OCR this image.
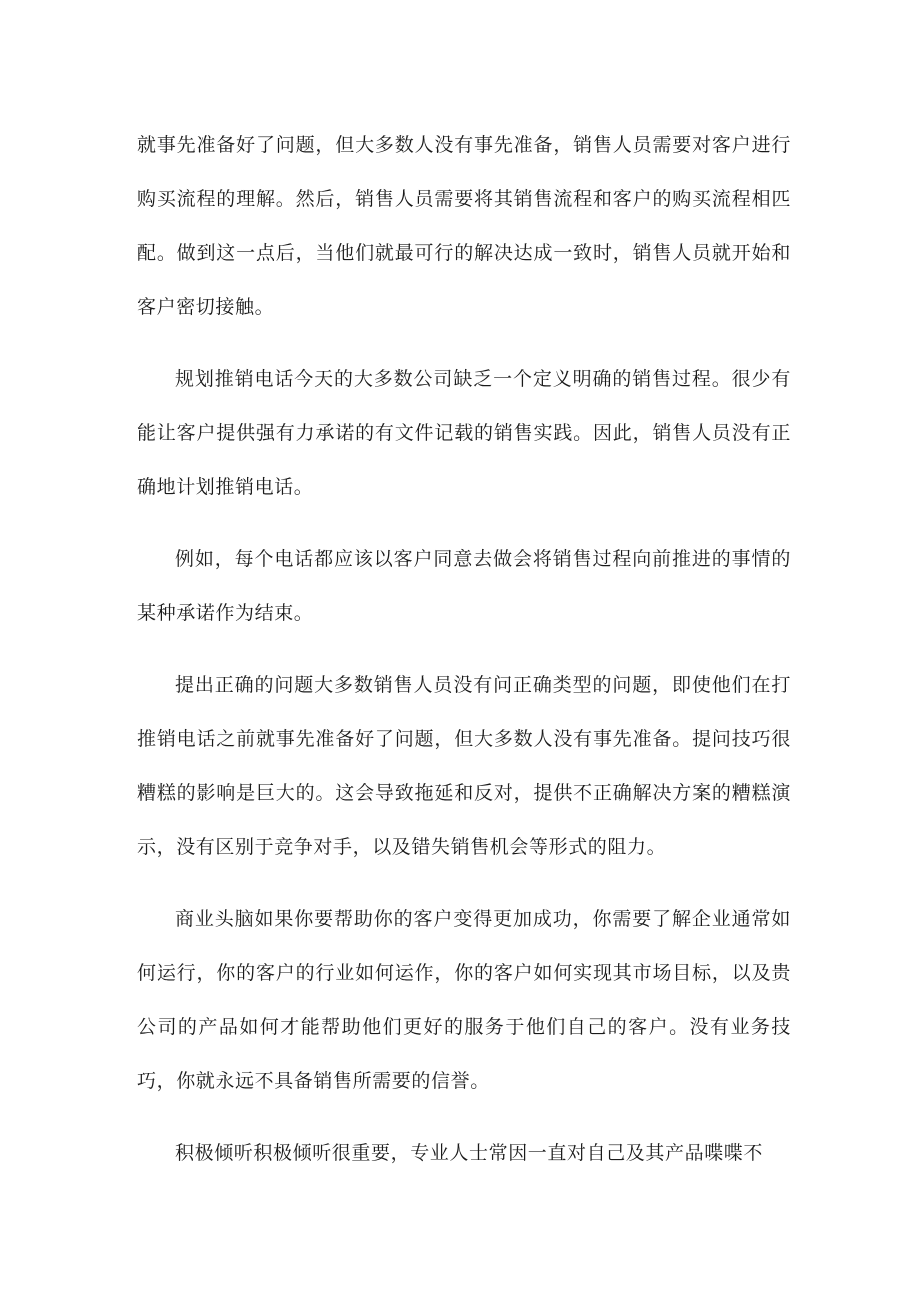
就事先准备好了问题，但大多数人没有事先准备，销售人员需要对客户进行购买流程的理解。然后，销售人员需要将其销售流程和客户的购买流程相匹配。做到这一点后，当他们就最可行的解决达成一致时，销售人员就开始和客户密切接触。

规划推销电话今天的大多数公司缺乏一个定义明确的销售过程。很少有能让客户提供强有力承诺的有文件记载的销售实践。因此，销售人员没有正确地计划推销电话。

例如，每个电话都应该以客户同意去做会将销售过程向前推进的事情的某种承诺作为结束。

提出正确的问题大多数销售人员没有问正确类型的问题，即使他们在打推销电话之前就事先准备好了问题，但大多数人没有事先准备。提问技巧很糟糕的影响是巨大的。这会导致拖延和反对，提供不正确解决方案的糟糕演示，没有区别于竞争对手，以及错失销售机会等形式的阻力。

商业头脑如果你要帮助你的客户变得更加成功，你需要了解企业通常如何运行，你的客户的行业如何运作，你的客户如何实现其市场目标，以及贵公司的产品如何才能帮助他们更好的服务于他们自己的客户。没有业务技巧，你就永远不具备销售所需要的信誉。

积极倾听积极倾听很重要，专业人士常因一直对自己及其产品喋喋不
